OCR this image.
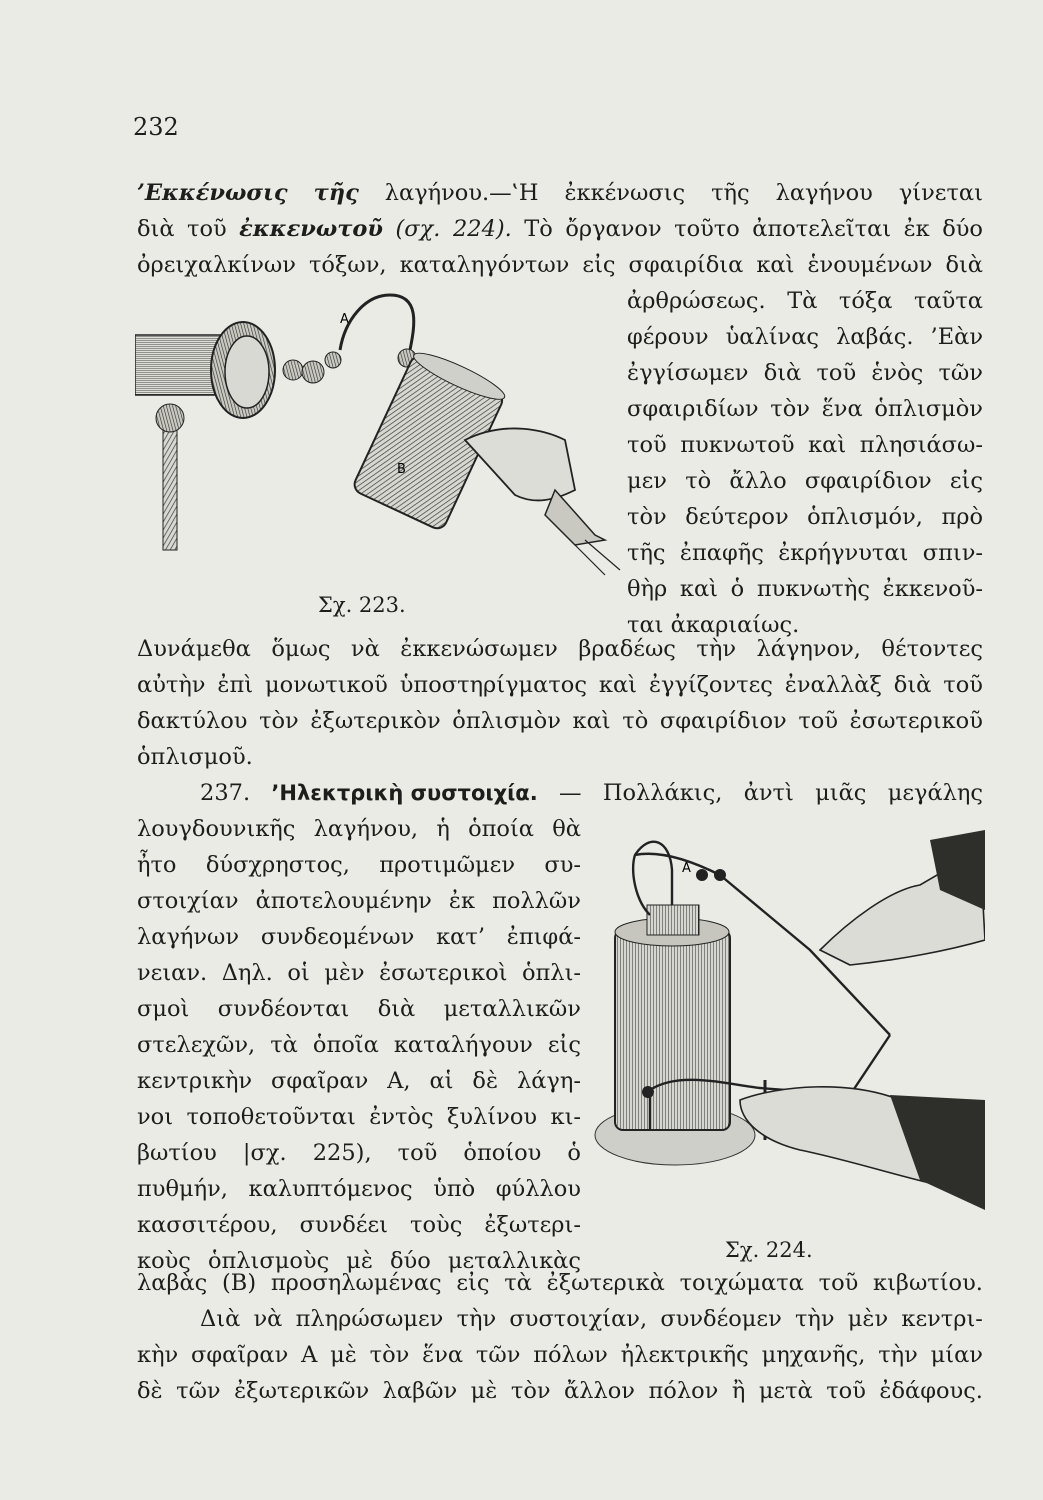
232
’Εκκένωσις τῆς λαγήνου.—‛Η ἐκκένωσις τῆς λαγήνου γίνεται
διὰ τοῦ ἐκκενωτοῦ (σχ. 224). Τὸ ὄργανον τοῦτο ἀποτελεῖται ἐκ δύο
ὀρειχαλκίνων τόξων, καταληγόντων εἰς σφαιρίδια καὶ ἑνουμένων διὰ
ἀρθρώσεως. Τὰ τόξα ταῦτα
φέρουν ὑαλίνας λαβάς. ’Εὰν
ἐγγίσωμεν διὰ τοῦ ἑνὸς τῶν
σφαιριδίων τὸν ἕνα ὁπλισμὸν
τοῦ πυκνωτοῦ καὶ πλησιάσω-
μεν τὸ ἄλλο σφαιρίδιον εἰς
τὸν δεύτερον ὁπλισμόν, πρὸ
τῆς ἐπαφῆς ἐκρήγνυται σπιν-
θὴρ καὶ ὁ πυκνωτὴς ἐκκενοῦ-
ται ἀκαριαίως.
A
B
Σχ. 223.
Δυνάμεθα ὅμως νὰ ἐκκενώσωμεν βραδέως τὴν λάγηνον, θέτοντες
αὐτὴν ἐπὶ μονωτικοῦ ὑποστηρίγματος καὶ ἐγγίζοντες ἐναλλὰξ διὰ τοῦ
δακτύλου τὸν ἐξωτερικὸν ὁπλισμὸν καὶ τὸ σφαιρίδιον τοῦ ἐσωτερικοῦ
ὁπλισμοῦ.
237. ’Ηλεκτρικὴ συστοιχία. — Πολλάκις, ἀντὶ μιᾶς μεγάλης
λουγδουνικῆς λαγήνου, ἡ ὁποία θὰ
ἦτο δύσχρηστος, προτιμῶμεν συ-
στοιχίαν ἀποτελουμένην ἐκ πολλῶν
λαγήνων συνδεομένων κατ’ ἐπιφά-
νειαν. Δηλ. οἱ μὲν ἐσωτερικοὶ ὁπλι-
σμοὶ συνδέονται διὰ μεταλλικῶν
στελεχῶν, τὰ ὁποῖα καταλήγουν εἰς
κεντρικὴν σφαῖραν Α, αἱ δὲ λάγη-
νοι τοποθετοῦνται ἐντὸς ξυλίνου κι-
βωτίου |σχ. 225), τοῦ ὁποίου ὁ
πυθμήν, καλυπτόμενος ὑπὸ φύλλου
κασσιτέρου, συνδέει τοὺς ἐξωτερι-
κοὺς ὁπλισμοὺς μὲ δύο μεταλλικὰς
A
Σχ. 224.
λαβὰς (Β) προσηλωμένας εἰς τὰ ἐξωτερικὰ τοιχώματα τοῦ κιβωτίου.
Διὰ νὰ πληρώσωμεν τὴν συστοιχίαν, συνδέομεν τὴν μὲν κεντρι-
κὴν σφαῖραν Α μὲ τὸν ἕνα τῶν πόλων ἠλεκτρικῆς μηχανῆς, τὴν μίαν
δὲ τῶν ἐξωτερικῶν λαβῶν μὲ τὸν ἄλλον πόλον ἢ μετὰ τοῦ ἐδάφους.
